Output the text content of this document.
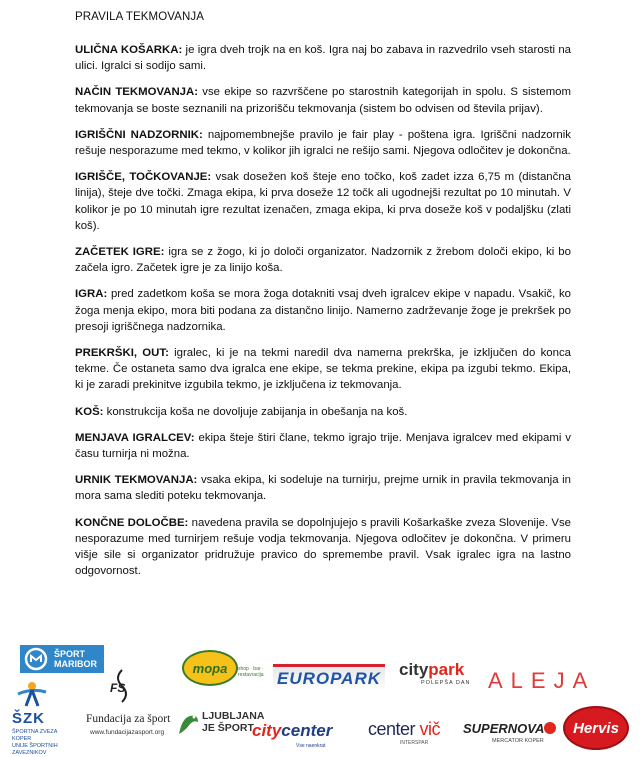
PRAVILA TEKMOVANJA

ULIČNA KOŠARKA: je igra dveh trojk na en koš. Igra naj bo zabava in razvedrilo vseh starosti na ulici. Igralci si sodijo sami.

NAČIN TEKMOVANJA: vse ekipe so razvrščene po starostnih kategorijah in spolu. S sistemom tekmovanja se boste seznanili na prizorišču tekmovanja (sistem bo odvisen od števila prijav).

IGRIŠČNI NADZORNIK: najpomembnejše pravilo je fair play - poštena igra. Igriščni nadzornik rešuje nesporazume med tekmo, v kolikor jih igralci ne rešijo sami. Njegova odločitev je dokončna.

IGRIŠČE, TOČKOVANJE: vsak dosežen koš šteje eno točko, koš zadet izza 6,75 m (distančna linija), šteje dve točki. Zmaga ekipa, ki prva doseže 12 točk ali ugodnejši rezultat po 10 minutah. V kolikor je po 10 minutah igre rezultat izenačen, zmaga ekipa, ki prva doseže koš v podaljšku (zlati koš).

ZAČETEK IGRE: igra se z žogo, ki jo določi organizator. Nadzornik z žrebom določi ekipo, ki bo začela igro. Začetek igre je za linijo koša.

IGRA: pred zadetkom koša se mora žoga dotakniti vsaj dveh igralcev ekipe v napadu. Vsakič, ko žoga menja ekipo, mora biti podana za distančno linijo. Namerno zadrževanje žoge je prekršek po presoji igriščnega nadzornika.

PREKRŠKI, OUT: igralec, ki je na tekmi naredil dva namerna prekrška, je izključen do konca tekme. Če ostaneta samo dva igralca ene ekipe, se tekma prekine, ekipa pa izgubi tekmo. Ekipa, ki je zaradi prekinitve izgubila tekmo, je izključena iz tekmovanja.

KOŠ: konstrukcija koša ne dovoljuje zabijanja in obešanja na koš.

MENJAVA IGRALCEV: ekipa šteje štiri člane, tekmo igrajo trije. Menjava igralcev med ekipami v času turnirja ni možna.

URNIK TEKMOVANJA: vsaka ekipa, ki sodeluje na turnirju, prejme urnik in pravila tekmovanja in mora sama slediti poteku tekmovanja.

KONČNE DOLOČBE: navedena pravila se dopolnjujejo s pravili Košarkaške zveza Slovenije. Vse nesporazume med turnirjem rešuje vodja tekmovanja. Njegova odločitev je dokončna. V primeru višje sile si organizator pridružuje pravico do spremembe pravil. Vsak igralec igra na lastno odgovornost.

ŠPORT
MARIBOR
ŠZK
ŠPORTNA ZVEZA KOPER
UNIJE ŠPORTNIH ZAVEZNIKOV
FS
Fundacija za šport
www.fundacijazasport.org
mopa	shop · bar · restavracija EUROPARK citypark
POLEPŠA DAN ALEJA
LJUBLJANA
JE ŠPORT
citycenter
Vse naenkrat
center vič
INTERSPAR
SUPERNOVA
MERCATOR KOPER
Hervis
